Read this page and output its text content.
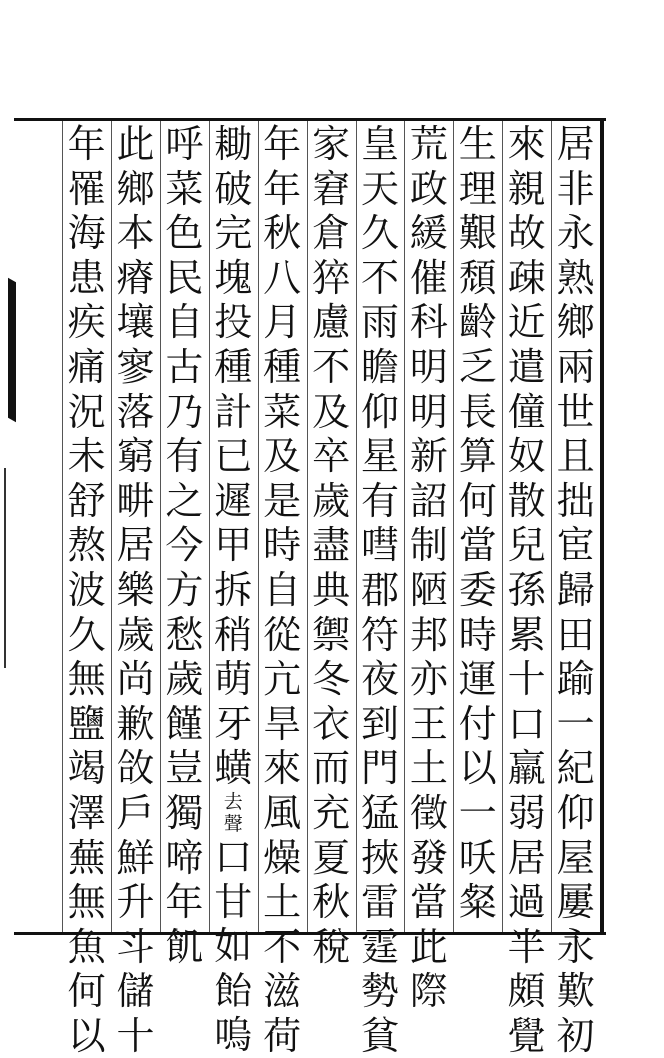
居
非
永
熟
鄉
兩
世
且
拙
宦
歸
田
踰
一
紀
仰
屋
屢
永
歎
初
來
親
故
疎
近
遣
僮
奴
散
兒
孫
累
十
口
羸
弱
居
過
半
頗
覺
生
理
艱
頹
齡
乏
長
算
何
當
委
時
運
付
以
一
㕭
粲
荒
政
緩
催
科
明
明
新
詔
制
陋
邦
亦
王
土
徵
發
當
此
際
皇
天
久
不
雨
瞻
仰
星
有
嘒
郡
符
夜
到
門
猛
挾
雷
霆
勢
貧
家
窘
倉
猝
慮
不
及
卒
歲
盡
典
禦
冬
衣
而
充
夏
秋
稅
年
年
秋
八
月
種
菜
及
是
時
自
從
亢
旱
來
風
燥
土
不
滋
荷
耡
破
完
塊
投
種
計
已
遲
甲
拆
稍
萌
牙
蟥
去
聲
口
甘
如
飴
嗚
呼
菜
色
民
自
古
乃
有
之
今
方
愁
歲
饉
豈
獨
啼
年
飢
此
鄉
本
瘠
壤
寥
落
窮
畊
居
樂
歲
尚
歉
㪉
戶
鮮
升
斗
儲
十
年
罹
海
患
疾
痛
況
未
舒
熬
波
久
無
鹽
竭
澤
蕪
無
魚
何
以
